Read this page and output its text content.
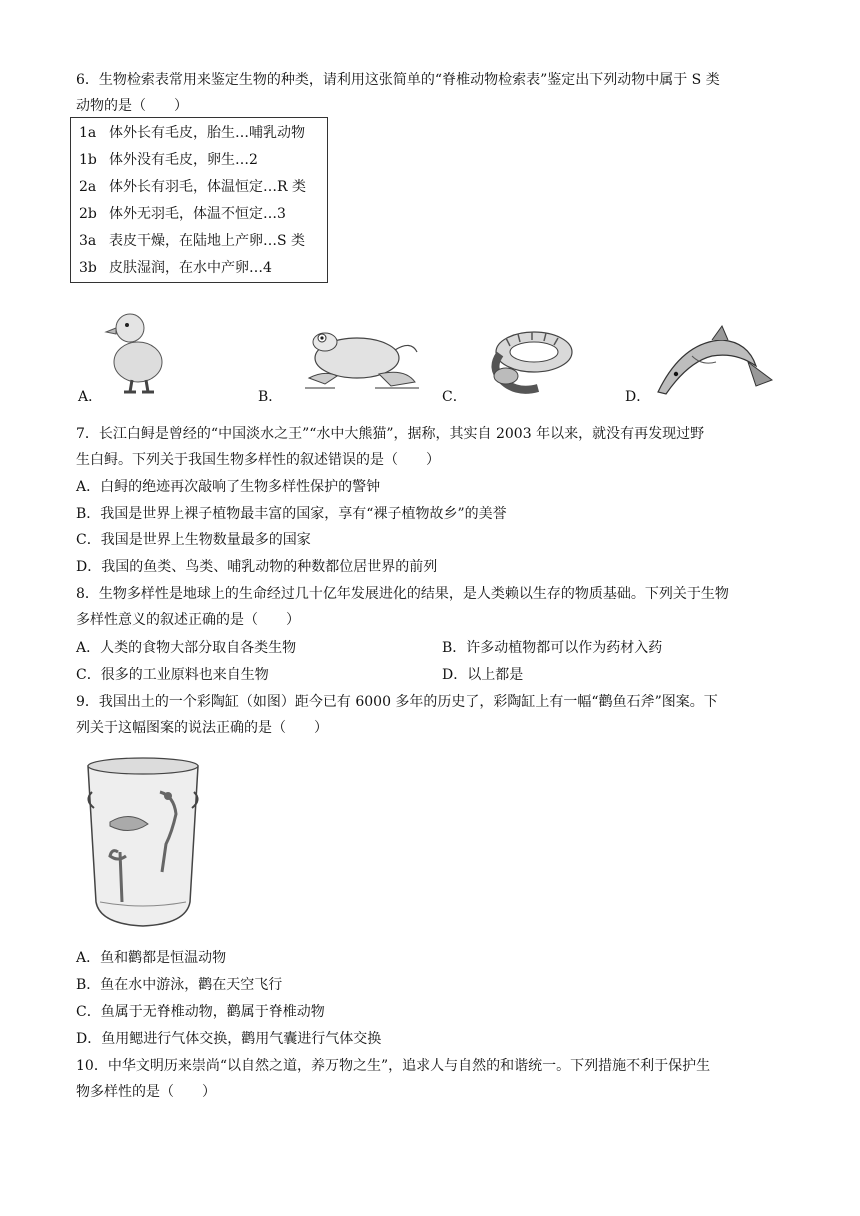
6．生物检索表常用来鉴定生物的种类，请利用这张简单的“脊椎动物检索表”鉴定出下列动物中属于 S 类
动物的是（　　）
1a 体外长有毛皮，胎生…哺乳动物
1b 体外没有毛皮，卵生…2
2a 体外长有羽毛，体温恒定…R 类
2b 体外无羽毛，体温不恒定…3
3a 表皮干燥，在陆地上产卵…S 类
3b 皮肤湿润，在水中产卵…4
A．	B．	C．	D．
7．长江白鲟是曾经的“中国淡水之王”“水中大熊猫”，据称，其实自 2003 年以来，就没有再发现过野
生白鲟。下列关于我国生物多样性的叙述错误的是（　　）
A．白鲟的绝迹再次敲响了生物多样性保护的警钟
B．我国是世界上裸子植物最丰富的国家，享有“裸子植物故乡”的美誉
C．我国是世界上生物数量最多的国家
D．我国的鱼类、鸟类、哺乳动物的种数都位居世界的前列
8．生物多样性是地球上的生命经过几十亿年发展进化的结果，是人类赖以生存的物质基础。下列关于生物
多样性意义的叙述正确的是（　　）
A．人类的食物大部分取自各类生物	B．许多动植物都可以作为药材入药
C．很多的工业原料也来自生物	D．以上都是
9．我国出土的一个彩陶缸（如图）距今已有 6000 多年的历史了，彩陶缸上有一幅“鹳鱼石斧”图案。下
列关于这幅图案的说法正确的是（　　）
A．鱼和鹳都是恒温动物
B．鱼在水中游泳，鹳在天空飞行
C．鱼属于无脊椎动物，鹳属于脊椎动物
D．鱼用鳃进行气体交换，鹳用气囊进行气体交换
10．中华文明历来崇尚“以自然之道，养万物之生”，追求人与自然的和谐统一。下列措施不利于保护生
物多样性的是（　　）
